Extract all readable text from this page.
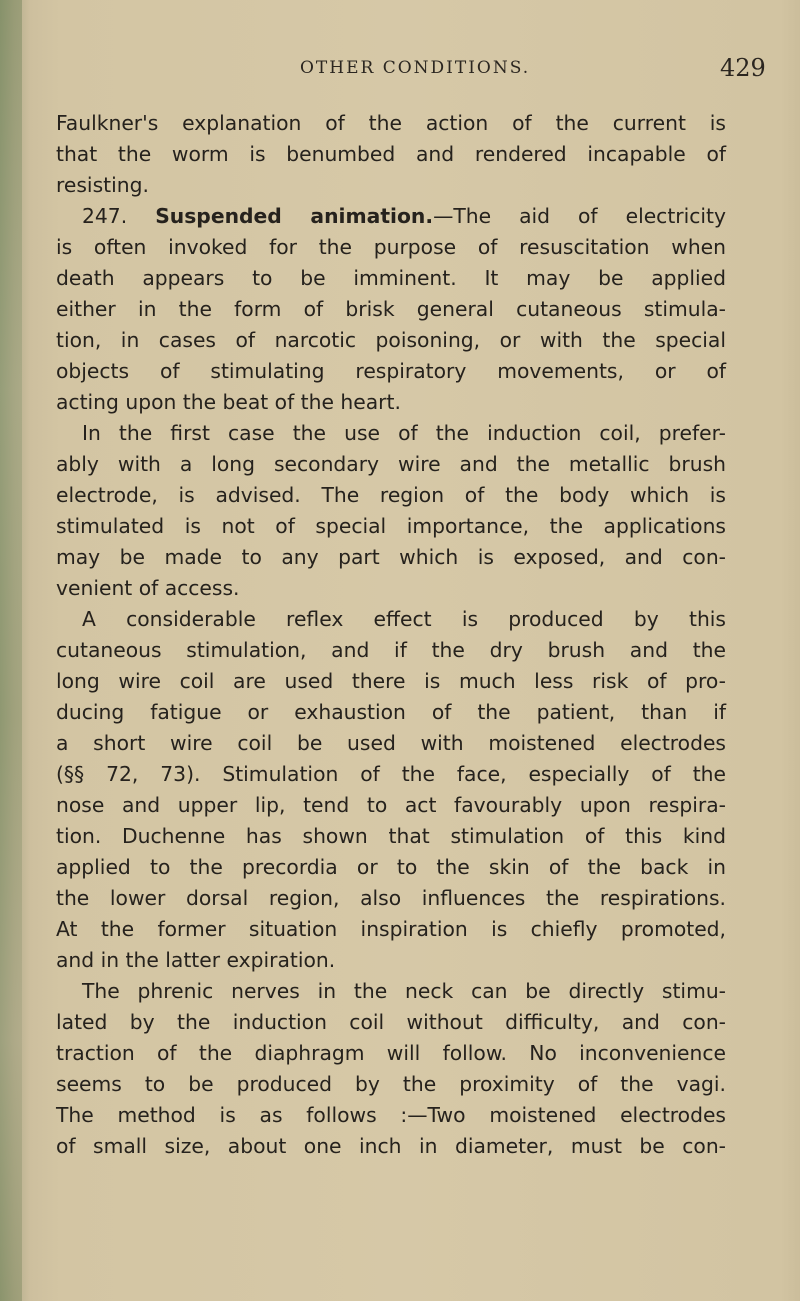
OTHER CONDITIONS.	429
Faulkner's explanation of the action of the current is
that the worm is benumbed and rendered incapable of
resisting.
247. Suspended animation.—The aid of electricity
is often invoked for the purpose of resuscitation when
death appears to be imminent. It may be applied
either in the form of brisk general cutaneous stimula-
tion, in cases of narcotic poisoning, or with the special
objects of stimulating respiratory movements, or of
acting upon the beat of the heart.
In the first case the use of the induction coil, prefer-
ably with a long secondary wire and the metallic brush
electrode, is advised. The region of the body which is
stimulated is not of special importance, the applications
may be made to any part which is exposed, and con-
venient of access.
A considerable reflex effect is produced by this
cutaneous stimulation, and if the dry brush and the
long wire coil are used there is much less risk of pro-
ducing fatigue or exhaustion of the patient, than if
a short wire coil be used with moistened electrodes
(§§ 72, 73). Stimulation of the face, especially of the
nose and upper lip, tend to act favourably upon respira-
tion. Duchenne has shown that stimulation of this kind
applied to the precordia or to the skin of the back in
the lower dorsal region, also influences the respirations.
At the former situation inspiration is chiefly promoted,
and in the latter expiration.
The phrenic nerves in the neck can be directly stimu-
lated by the induction coil without difficulty, and con-
traction of the diaphragm will follow. No inconvenience
seems to be produced by the proximity of the vagi.
The method is as follows :—Two moistened electrodes
of small size, about one inch in diameter, must be con-
